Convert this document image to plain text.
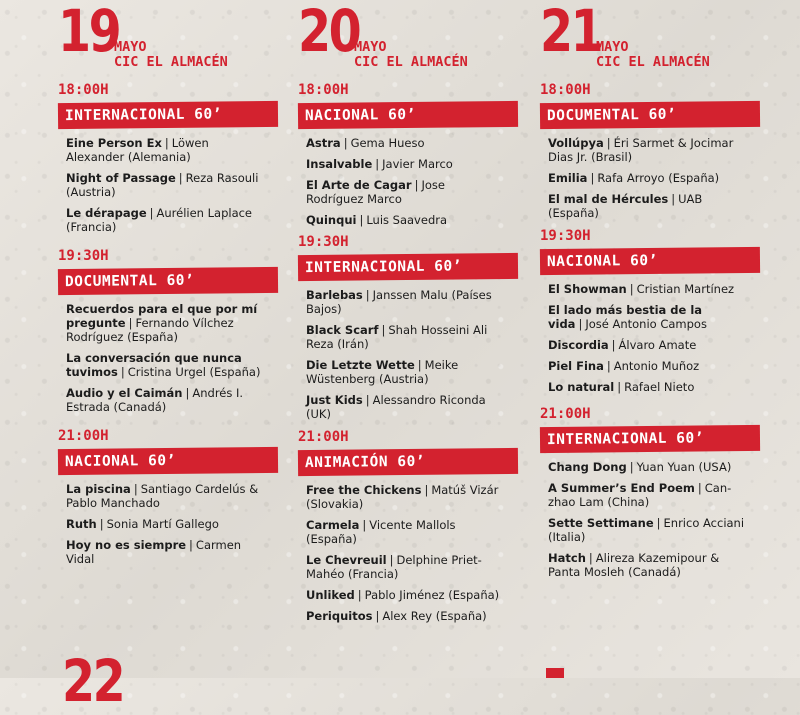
19
MAYO
CIC EL ALMACÉN
18:00H
INTERNACIONAL 60’
Eine Person Ex | Löwen Alexander (Alemania)
Night of Passage | Reza Rasouli (Austria)
Le dérapage | Aurélien Laplace (Francia)
19:30H
DOCUMENTAL 60’
Recuerdos para el que por mí pregunte | Fernando Vílchez Rodríguez (España)
La conversación que nunca tuvimos | Cristina Urgel (España)
Audio y el Caimán | Andrés I. Estrada (Canadá)
21:00H
NACIONAL 60’
La piscina | Santiago Cardelús & Pablo Manchado
Ruth | Sonia Martí Gallego
Hoy no es siempre | Carmen Vidal
20
MAYO
CIC EL ALMACÉN
18:00H
NACIONAL 60’
Astra | Gema Hueso
Insalvable | Javier Marco
El Arte de Cagar | Jose Rodríguez Marco
Quinqui | Luis Saavedra
19:30H
INTERNACIONAL 60’
Barlebas | Janssen Malu (Países Bajos)
Black Scarf | Shah Hosseini Ali Reza (Irán)
Die Letzte Wette | Meike Wüstenberg (Austria)
Just Kids | Alessandro Riconda (UK)
21:00H
ANIMACIÓN 60’
Free the Chickens | Matúš Vizár (Slovakia)
Carmela | Vicente Mallols (España)
Le Chevreuil | Delphine Priet-Mahéo (Francia)
Unliked | Pablo Jiménez (España)
Periquitos | Alex Rey (España)
21
MAYO
CIC EL ALMACÉN
18:00H
DOCUMENTAL 60’
Vollúpya | Éri Sarmet & Jocimar Dias Jr. (Brasil)
Emilia | Rafa Arroyo (España)
El mal de Hércules | UAB (España)
19:30H
NACIONAL 60’
El Showman | Cristian Martínez
El lado más bestia de la vida | José Antonio Campos
Discordia | Álvaro Amate
Piel Fina | Antonio Muñoz
Lo natural | Rafael Nieto
21:00H
INTERNACIONAL 60’
Chang Dong | Yuan Yuan (USA)
A Summer’s End Poem | Can-zhao Lam (China)
Sette Settimane | Enrico Acciani (Italia)
Hatch | Alireza Kazemipour & Panta Mosleh (Canadá)
22
